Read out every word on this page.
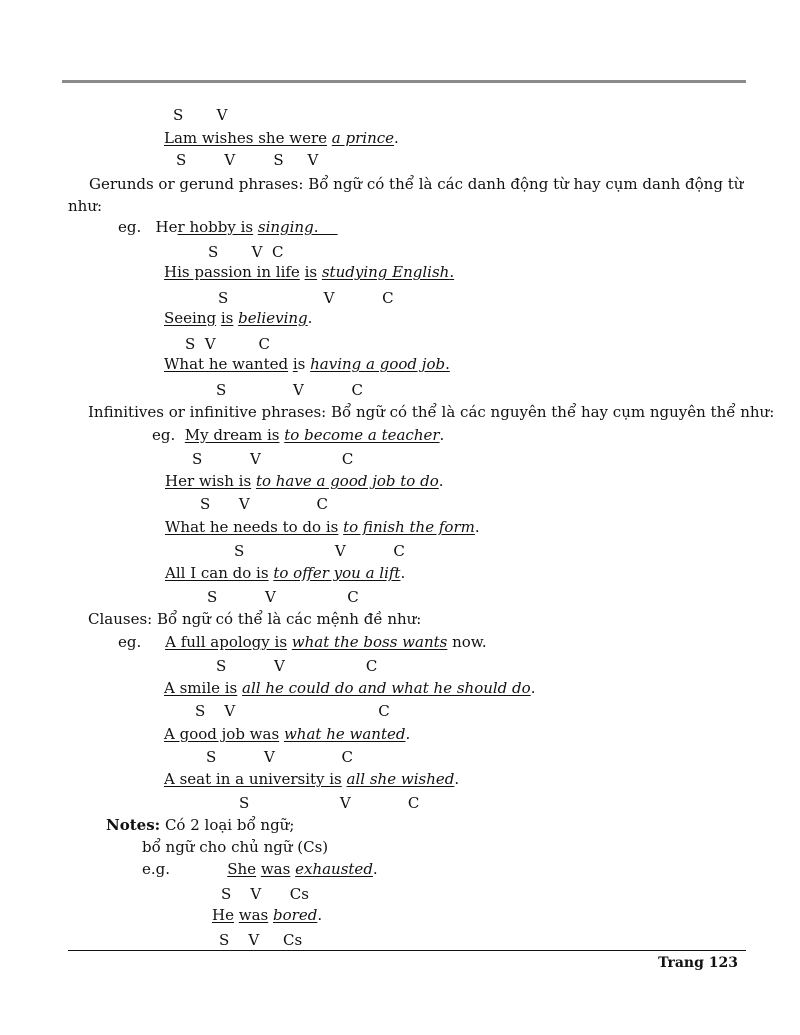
S       V
Lam wishes she were a prince.
S        V        S     V
Gerunds or gerund phrases: Bổ ngữ có thể là các danh động từ hay cụm danh động từ
như:
eg.   Her hobby is singing.
S       V  C
His passion in life is studying English.
S                    V          C
Seeing is believing.
S  V         C
What he wanted is having a good job.
S              V          C
Infinitives or infinitive phrases: Bổ ngữ có thể là các nguyên thể hay cụm nguyên thể như:
eg.  My dream is to become a teacher.
S          V                 C
Her wish is to have a good job to do.
S      V              C
What he needs to do is to finish the form.
S                   V          C
All I can do is to offer you a lift.
S          V               C
Clauses: Bổ ngữ có thể là các mệnh đề như:
eg.     A full apology is what the boss wants now.
S          V                 C
A smile is all he could do and what he should do.
S    V                              C
A good job was what he wanted.
S          V              C
A seat in a university is all she wished.
S                   V            C
Notes: Có 2 loại bổ ngữ;
bổ ngữ cho chủ ngữ (Cs)
e.g.            She was exhausted.
S    V      Cs
He was bored.
S    V     Cs
Trang 123
